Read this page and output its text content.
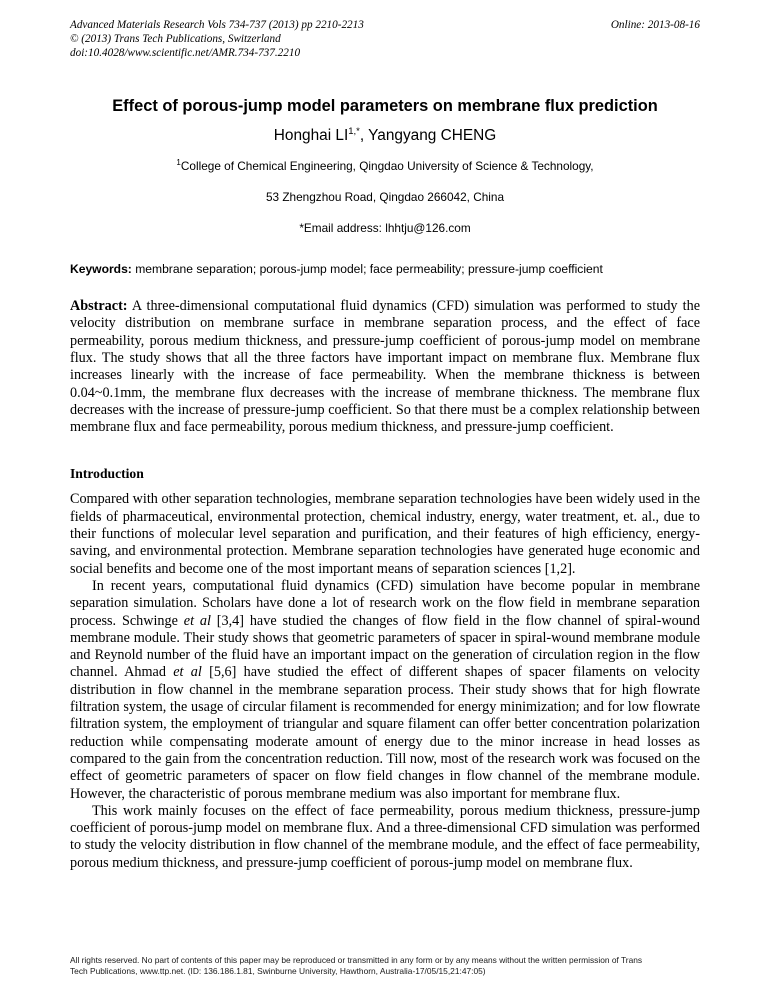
Advanced Materials Research Vols 734-737 (2013) pp 2210-2213	Online: 2013-08-16
© (2013) Trans Tech Publications, Switzerland
doi:10.4028/www.scientific.net/AMR.734-737.2210
Effect of porous-jump model parameters on membrane flux prediction
Honghai $LI^{1,*}$, Yangyang CHENG
$^1$College of Chemical Engineering, Qingdao University of Science & Technology,
53 Zhengzhou Road, Qingdao 266042, China
*Email address: lhhtju@126.com
Keywords: membrane separation; porous-jump model; face permeability; pressure-jump coefficient
Abstract: A three-dimensional computational fluid dynamics (CFD) simulation was performed to study the velocity distribution on membrane surface in membrane separation process, and the effect of face permeability, porous medium thickness, and pressure-jump coefficient of porous-jump model on membrane flux. The study shows that all the three factors have important impact on membrane flux. Membrane flux increases linearly with the increase of face permeability. When the membrane thickness is between 0.04~0.1mm, the membrane flux decreases with the increase of membrane thickness. The membrane flux decreases with the increase of pressure-jump coefficient. So that there must be a complex relationship between membrane flux and face permeability, porous medium thickness, and pressure-jump coefficient.
Introduction
Compared with other separation technologies, membrane separation technologies have been widely used in the fields of pharmaceutical, environmental protection, chemical industry, energy, water treatment, et. al., due to their functions of molecular level separation and purification, and their features of high efficiency, energy-saving, and environmental protection. Membrane separation technologies have generated huge economic and social benefits and become one of the most important means of separation sciences [1,2].
In recent years, computational fluid dynamics (CFD) simulation have become popular in membrane separation simulation. Scholars have done a lot of research work on the flow field in membrane separation process. Schwinge et al [3,4] have studied the changes of flow field in the flow channel of spiral-wound membrane module. Their study shows that geometric parameters of spacer in spiral-wound membrane module and Reynold number of the fluid have an important impact on the generation of circulation region in the flow channel. Ahmad et al [5,6] have studied the effect of different shapes of spacer filaments on velocity distribution in flow channel in the membrane separation process. Their study shows that for high flowrate filtration system, the usage of circular filament is recommended for energy minimization; and for low flowrate filtration system, the employment of triangular and square filament can offer better concentration polarization reduction while compensating moderate amount of energy due to the minor increase in head losses as compared to the gain from the concentration reduction. Till now, most of the research work was focused on the effect of geometric parameters of spacer on flow field changes in flow channel of the membrane module. However, the characteristic of porous membrane medium was also important for membrane flux.
This work mainly focuses on the effect of face permeability, porous medium thickness, pressure-jump coefficient of porous-jump model on membrane flux. And a three-dimensional CFD simulation was performed to study the velocity distribution in flow channel of the membrane module, and the effect of face permeability, porous medium thickness, and pressure-jump coefficient of porous-jump model on membrane flux.
All rights reserved. No part of contents of this paper may be reproduced or transmitted in any form or by any means without the written permission of Trans
Tech Publications, www.ttp.net. (ID: 136.186.1.81, Swinburne University, Hawthorn, Australia-17/05/15,21:47:05)
